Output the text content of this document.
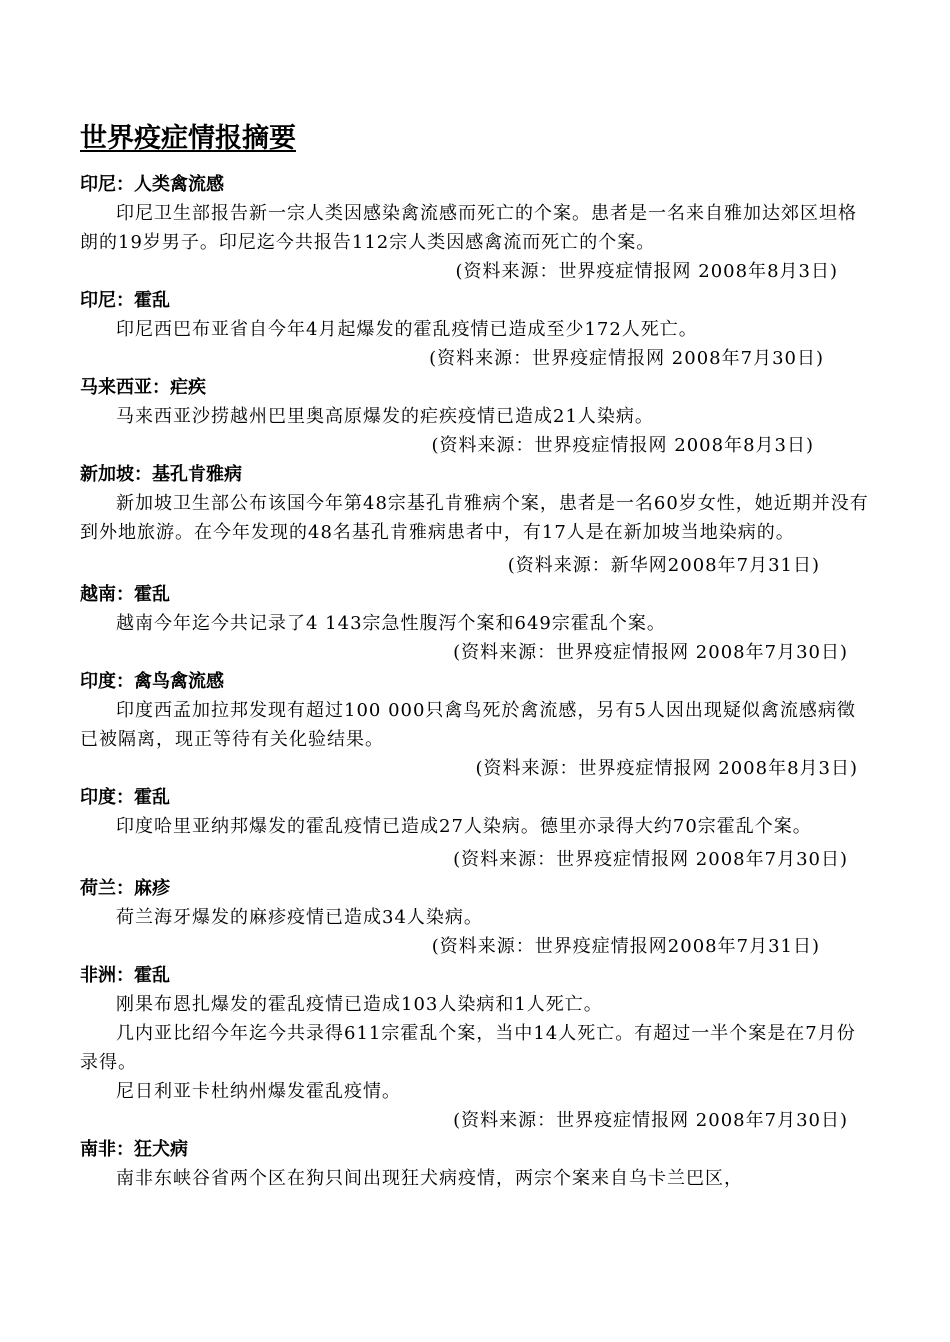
世界疫症情报摘要
印尼：人类禽流感

印尼卫生部报告新一宗人类因感染禽流感而死亡的个案。患者是一名来自雅加达郊区坦格朗的19岁男子。印尼迄今共报告112宗人类因感禽流而死亡的个案。

(资料来源：世界疫症情报网 2008年8月3日)

印尼：霍乱

印尼西巴布亚省自今年4月起爆发的霍乱疫情已造成至少172人死亡。

(资料来源：世界疫症情报网 2008年7月30日)

马来西亚：疟疾

马来西亚沙捞越州巴里奥高原爆发的疟疾疫情已造成21人染病。

(资料来源：世界疫症情报网 2008年8月3日)

新加坡：基孔肯雅病

新加坡卫生部公布该国今年第48宗基孔肯雅病个案，患者是一名60岁女性，她近期并没有到外地旅游。在今年发现的48名基孔肯雅病患者中，有17人是在新加坡当地染病的。

(资料来源：新华网2008年7月31日)

越南：霍乱

越南今年迄今共记录了4 143宗急性腹泻个案和649宗霍乱个案。

(资料来源：世界疫症情报网 2008年7月30日)

印度：禽鸟禽流感

印度西孟加拉邦发现有超过100 000只禽鸟死於禽流感，另有5人因出现疑似禽流感病徵已被隔离，现正等待有关化验结果。

(资料来源：世界疫症情报网 2008年8月3日)

印度：霍乱

印度哈里亚纳邦爆发的霍乱疫情已造成27人染病。德里亦录得大约70宗霍乱个案。

(资料来源：世界疫症情报网 2008年7月30日)

荷兰：麻疹

荷兰海牙爆发的麻疹疫情已造成34人染病。

(资料来源：世界疫症情报网2008年7月31日)

非洲：霍乱

刚果布恩扎爆发的霍乱疫情已造成103人染病和1人死亡。

几内亚比绍今年迄今共录得611宗霍乱个案，当中14人死亡。有超过一半个案是在7月份录得。

尼日利亚卡杜纳州爆发霍乱疫情。

(资料来源：世界疫症情报网 2008年7月30日)

南非：狂犬病

南非东峡谷省两个区在狗只间出现狂犬病疫情，两宗个案来自乌卡兰巴区，
